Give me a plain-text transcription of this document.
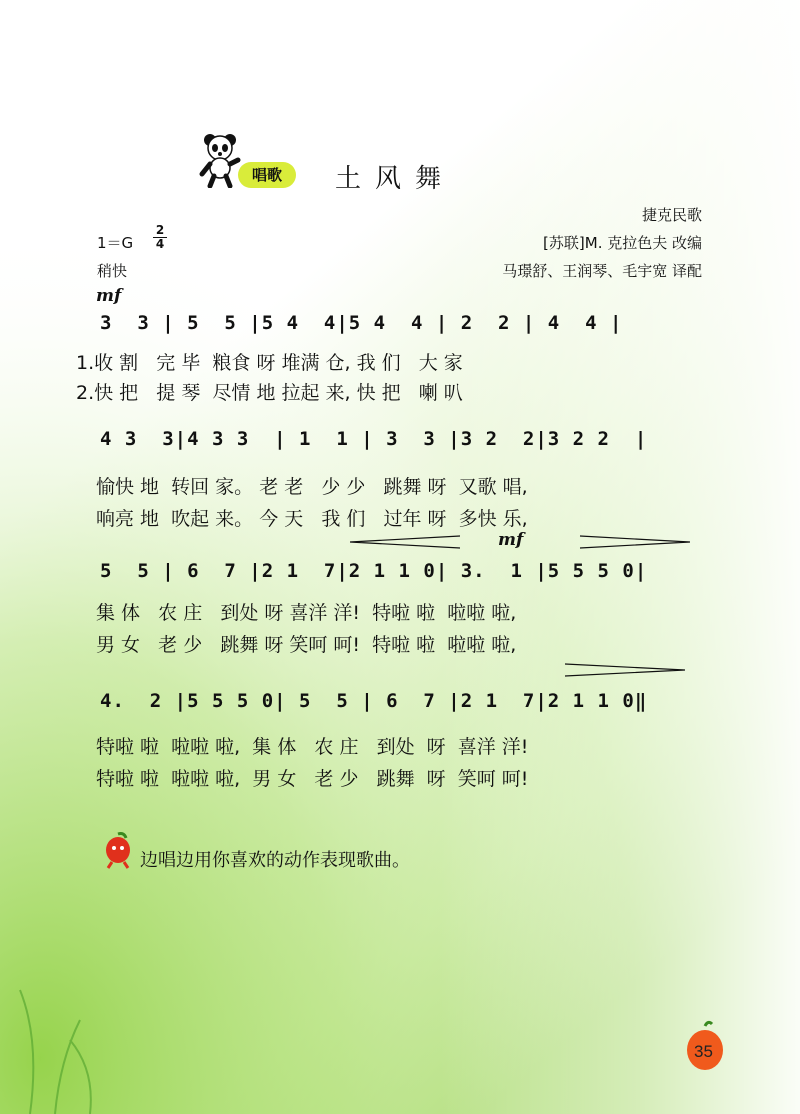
唱歌	土风舞
捷克民歌
[苏联]M. 克拉色夫 改编
马璟舒、王润琴、毛宇宽 译配
1＝G
2
4
稍快
mf
3  3 | 5  5 |5 4  4|5 4  4 | 2  2 | 4  4 |
1.收 割   完 毕  粮食 呀 堆满 仓, 我 们   大 家
2.快 把   提 琴  尽情 地 拉起 来, 快 把   喇 叭
4 3  3|4 3 3  | 1  1 | 3  3 |3 2  2|3 2 2  |
愉快 地  转回 家。 老 老   少 少   跳舞 呀  又歌 唱,
响亮 地  吹起 来。 今 天   我 们   过年 呀  多快 乐,
mf
5  5 | 6  7 |2 1  7|2 1 1 0| 3.  1 |5 5 5 0|
集 体   农 庄   到处 呀 喜洋 洋!  特啦 啦  啦啦 啦,
男 女   老 少   跳舞 呀 笑呵 呵!  特啦 啦  啦啦 啦,
4.  2 |5 5 5 0| 5  5 | 6  7 |2 1  7|2 1 1 0‖
特啦 啦  啦啦 啦,  集 体   农 庄   到处  呀  喜洋 洋!
特啦 啦  啦啦 啦,  男 女   老 少   跳舞  呀  笑呵 呵!
边唱边用你喜欢的动作表现歌曲。
35
